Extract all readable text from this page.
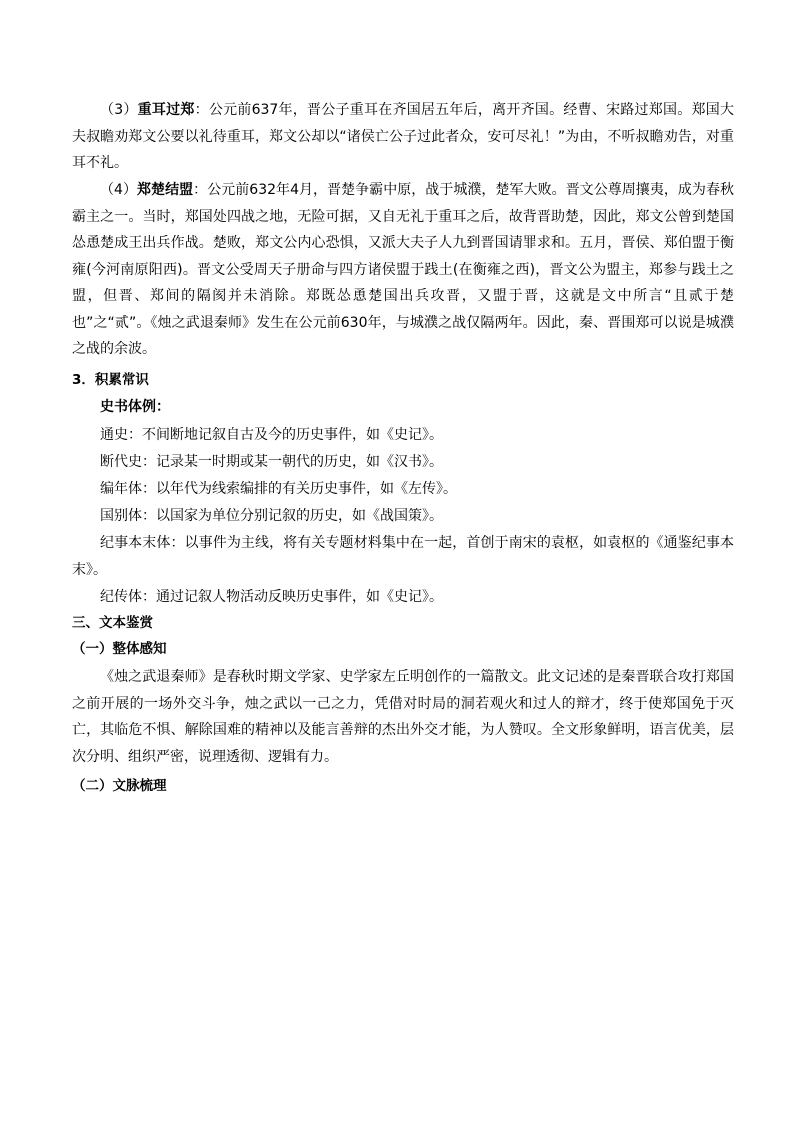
（3）重耳过郑：公元前637年，晋公子重耳在齐国居五年后，离开齐国。经曹、宋路过郑国。郑国大夫叔瞻劝郑文公要以礼待重耳，郑文公却以“诸侯亡公子过此者众，安可尽礼！”为由，不听叔瞻劝告，对重耳不礼。
（4）郑楚结盟：公元前632年4月，晋楚争霸中原，战于城濮，楚军大败。晋文公尊周攘夷，成为春秋霸主之一。当时，郑国处四战之地，无险可据，又自无礼于重耳之后，故背晋助楚，因此，郑文公曾到楚国怂恿楚成王出兵作战。楚败，郑文公内心恐惧，又派大夫子人九到晋国请罪求和。五月，晋侯、郑伯盟于衡雍(今河南原阳西)。晋文公受周天子册命与四方诸侯盟于践土(在衡雍之西)，晋文公为盟主，郑参与践土之盟，但晋、郑间的隔阂并未消除。郑既怂恿楚国出兵攻晋，又盟于晋，这就是文中所言“且贰于楚也”之“贰”。《烛之武退秦师》发生在公元前630年，与城濮之战仅隔两年。因此，秦、晋围郑可以说是城濮之战的余波。
3．积累常识
史书体例：
通史：不间断地记叙自古及今的历史事件，如《史记》。
断代史：记录某一时期或某一朝代的历史，如《汉书》。
编年体：以年代为线索编排的有关历史事件，如《左传》。
国别体：以国家为单位分别记叙的历史，如《战国策》。
纪事本末体：以事件为主线，将有关专题材料集中在一起，首创于南宋的袁枢，如袁枢的《通鉴纪事本末》。
纪传体：通过记叙人物活动反映历史事件，如《史记》。
三、文本鉴赏
（一）整体感知
《烛之武退秦师》是春秋时期文学家、史学家左丘明创作的一篇散文。此文记述的是秦晋联合攻打郑国之前开展的一场外交斗争，烛之武以一己之力，凭借对时局的洞若观火和过人的辩才，终于使郑国免于灭亡，其临危不惧、解除国难的精神以及能言善辩的杰出外交才能，为人赞叹。全文形象鲜明，语言优美，层次分明、组织严密，说理透彻、逻辑有力。
（二）文脉梳理
